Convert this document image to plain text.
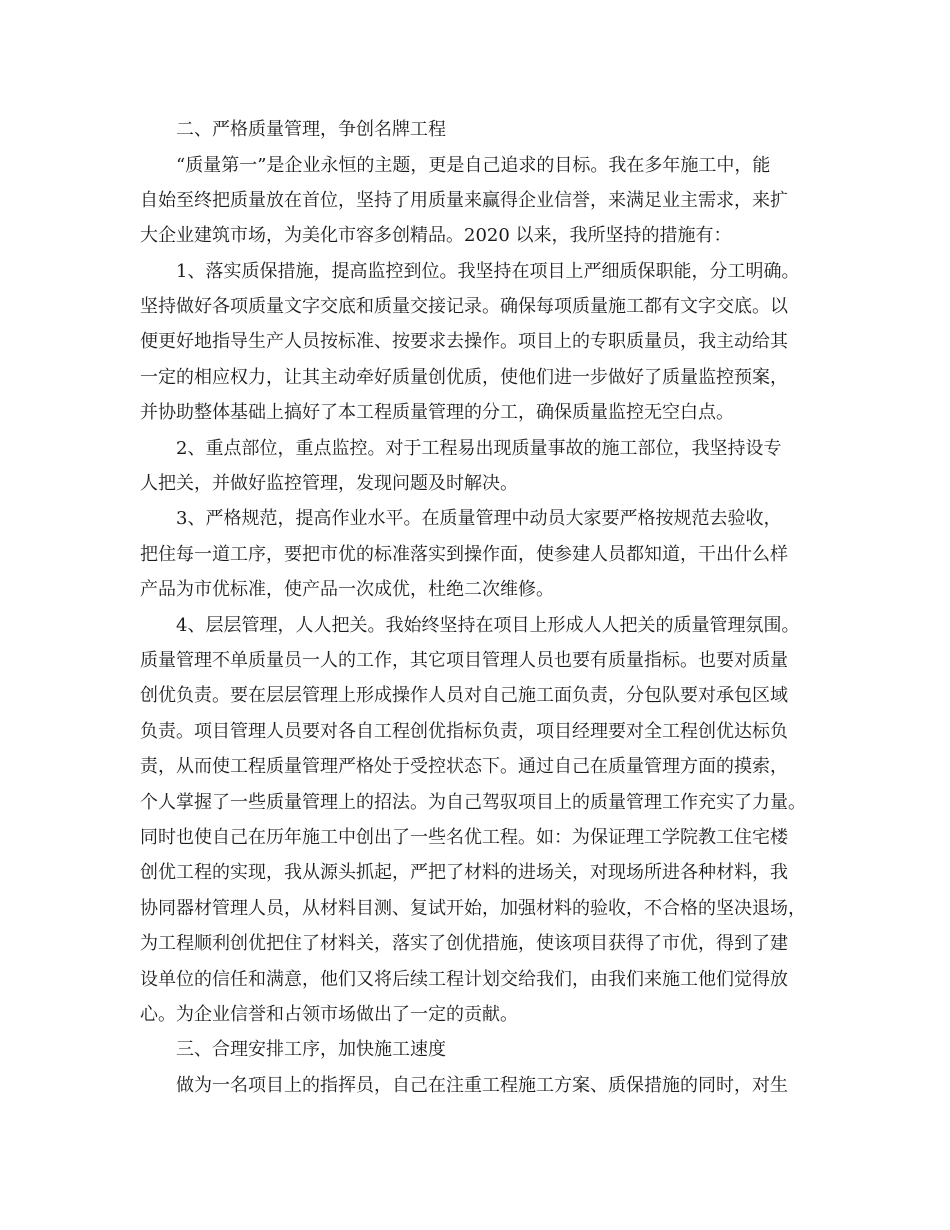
二、严格质量管理，争创名牌工程
“质量第一”是企业永恒的主题，更是自己追求的目标。我在多年施工中，能
自始至终把质量放在首位，坚持了用质量来赢得企业信誉，来满足业主需求，来扩
大企业建筑市场，为美化市容多创精品。2020 以来，我所坚持的措施有：
1、落实质保措施，提高监控到位。我坚持在项目上严细质保职能，分工明确。
坚持做好各项质量文字交底和质量交接记录。确保每项质量施工都有文字交底。以
便更好地指导生产人员按标准、按要求去操作。项目上的专职质量员，我主动给其
一定的相应权力，让其主动牵好质量创优质，使他们进一步做好了质量监控预案，
并协助整体基础上搞好了本工程质量管理的分工，确保质量监控无空白点。
2、重点部位，重点监控。对于工程易出现质量事故的施工部位，我坚持设专
人把关，并做好监控管理，发现问题及时解决。
3、严格规范，提高作业水平。在质量管理中动员大家要严格按规范去验收，
把住每一道工序，要把市优的标准落实到操作面，使参建人员都知道，干出什么样
产品为市优标准，使产品一次成优，杜绝二次维修。
4、层层管理，人人把关。我始终坚持在项目上形成人人把关的质量管理氛围。
质量管理不单质量员一人的工作，其它项目管理人员也要有质量指标。也要对质量
创优负责。要在层层管理上形成操作人员对自己施工面负责，分包队要对承包区域
负责。项目管理人员要对各自工程创优指标负责，项目经理要对全工程创优达标负
责，从而使工程质量管理严格处于受控状态下。通过自己在质量管理方面的摸索，
个人掌握了一些质量管理上的招法。为自己驾驭项目上的质量管理工作充实了力量。
同时也使自己在历年施工中创出了一些名优工程。如：为保证理工学院教工住宅楼
创优工程的实现，我从源头抓起，严把了材料的进场关，对现场所进各种材料，我
协同器材管理人员，从材料目测、复试开始，加强材料的验收，不合格的坚决退场，
为工程顺利创优把住了材料关，落实了创优措施，使该项目获得了市优，得到了建
设单位的信任和满意，他们又将后续工程计划交给我们，由我们来施工他们觉得放
心。为企业信誉和占领市场做出了一定的贡献。
三、合理安排工序，加快施工速度
做为一名项目上的指挥员，自己在注重工程施工方案、质保措施的同时，对生
